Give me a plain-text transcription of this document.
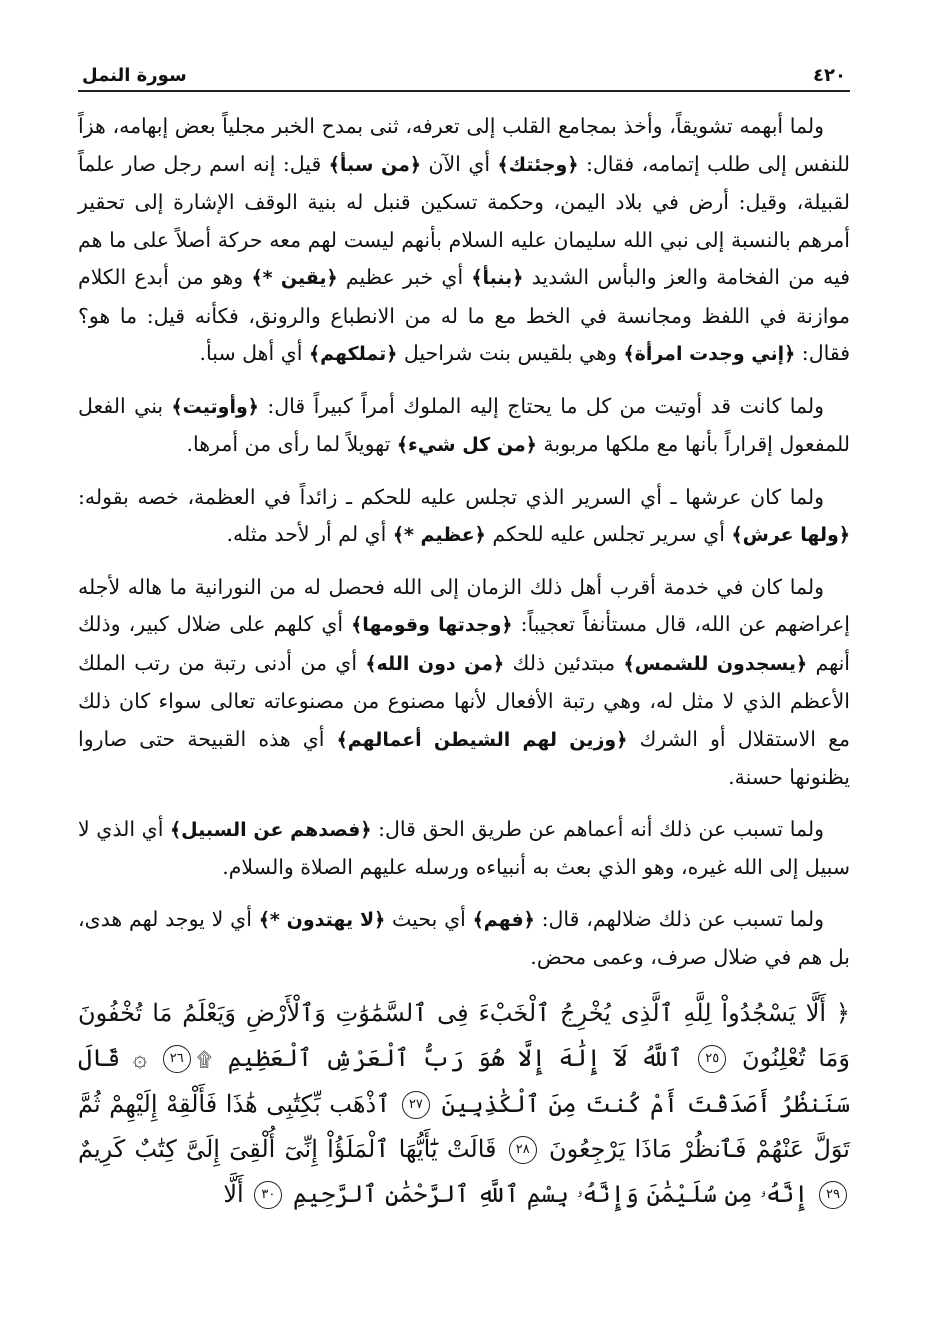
٤٢٠
سورة النمل

ولما أبهمه تشويقاً، وأخذ بمجامع القلب إلى تعرفه، ثنى بمدح الخبر مجلياً بعض إبهامه، هزاً للنفس إلى طلب إتمامه، فقال: ﴿وجئتك﴾ أي الآن ﴿من سبأ﴾ قيل: إنه اسم رجل صار علماً لقبيلة، وقيل: أرض في بلاد اليمن، وحكمة تسكين قنبل له بنية الوقف الإشارة إلى تحقير أمرهم بالنسبة إلى نبي الله سليمان عليه السلام بأنهم ليست لهم معه حركة أصلاً على ما هم فيه من الفخامة والعز والبأس الشديد ﴿بنبأ﴾ أي خبر عظيم ﴿يقين *﴾ وهو من أبدع الكلام موازنة في اللفظ ومجانسة في الخط مع ما له من الانطباع والرونق، فكأنه قيل: ما هو؟ فقال: ﴿إني وجدت امرأة﴾ وهي بلقيس بنت شراحيل ﴿تملكهم﴾ أي أهل سبأ.

ولما كانت قد أوتيت من كل ما يحتاج إليه الملوك أمراً كبيراً قال: ﴿وأوتيت﴾ بني الفعل للمفعول إقراراً بأنها مع ملكها مربوبة ﴿من كل شيء﴾ تهويلاً لما رأى من أمرها.

ولما كان عرشها ـ أي السرير الذي تجلس عليه للحكم ـ زائداً في العظمة، خصه بقوله: ﴿ولها عرش﴾ أي سرير تجلس عليه للحكم ﴿عظيم *﴾ أي لم أر لأحد مثله.

ولما كان في خدمة أقرب أهل ذلك الزمان إلى الله فحصل له من النورانية ما هاله لأجله إعراضهم عن الله، قال مستأنفاً تعجيباً: ﴿وجدتها وقومها﴾ أي كلهم على ضلال كبير، وذلك أنهم ﴿يسجدون للشمس﴾ مبتدئين ذلك ﴿من دون الله﴾ أي من أدنى رتبة من رتب الملك الأعظم الذي لا مثل له، وهي رتبة الأفعال لأنها مصنوع من مصنوعاته تعالى سواء كان ذلك مع الاستقلال أو الشرك ﴿وزين لهم الشيطن أعمالهم﴾ أي هذه القبيحة حتى صاروا يظنونها حسنة.

ولما تسبب عن ذلك أنه أعماهم عن طريق الحق قال: ﴿فصدهم عن السبيل﴾ أي الذي لا سبيل إلى الله غيره، وهو الذي بعث به أنبياءه ورسله عليهم الصلاة والسلام.

ولما تسبب عن ذلك ضلالهم، قال: ﴿فهم﴾ أي بحيث ﴿لا يهتدون *﴾ أي لا يوجد لهم هدى، بل هم في ضلال صرف، وعمى محض.

﴿ أَلَّا يَسْجُدُواْ لِلَّهِ ٱلَّذِى يُخْرِجُ ٱلْخَبْءَ فِى ٱلسَّمَٰوَٰتِ وَٱلْأَرْضِ وَيَعْلَمُ مَا تُخْفُونَ وَمَا تُعْلِنُونَ ٢٥ ٱللَّهُ لَآ إِلَٰهَ إِلَّا هُوَ رَبُّ ٱلْعَرْشِ ٱلْعَظِيمِ ۩٢٦ ۞ قَالَ سَنَنظُرُ أَصَدَقْتَ أَمْ كُنتَ مِنَ ٱلْكَٰذِبِينَ ٢٧ ٱذْهَب بِّكِتَٰبِى هَٰذَا فَأَلْقِهْ إِلَيْهِمْ ثُمَّ تَوَلَّ عَنْهُمْ فَٱنظُرْ مَاذَا يَرْجِعُونَ ٢٨ قَالَتْ يَٰٓأَيُّهَا ٱلْمَلَؤُاْ إِنِّىٓ أُلْقِىَ إِلَىَّ كِتَٰبٌ كَرِيمٌ ٢٩ إِنَّهُۥ مِن سُلَيْمَٰنَ وَإِنَّهُۥ بِسْمِ ٱللَّهِ ٱلرَّحْمَٰنِ ٱلرَّحِيمِ ٣٠ أَلَّا
